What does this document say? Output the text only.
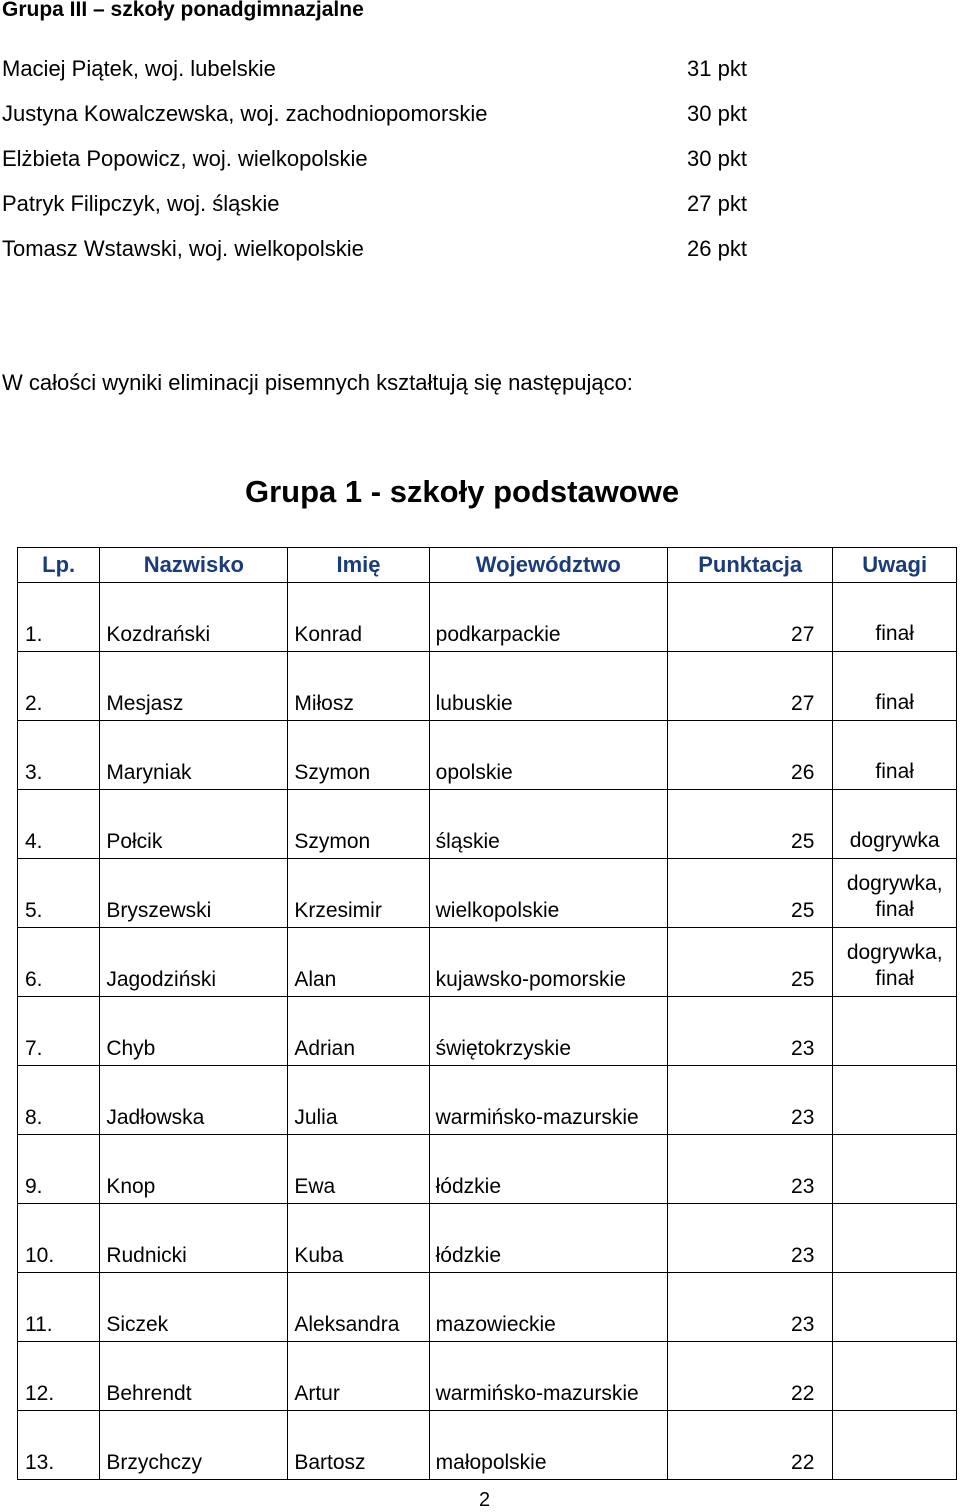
Grupa III – szkoły ponadgimnazjalne
Maciej Piątek, woj. lubelskie	31 pkt
Justyna Kowalczewska, woj. zachodniopomorskie	30 pkt
Elżbieta Popowicz, woj. wielkopolskie	30 pkt
Patryk Filipczyk, woj. śląskie	27 pkt
Tomasz Wstawski, woj. wielkopolskie	26 pkt
W całości wyniki eliminacji pisemnych kształtują się następująco:
Grupa 1 - szkoły podstawowe
Lp.	Nazwisko	Imię	Województwo	Punktacja	Uwagi
1.	Kozdrański	Konrad	podkarpackie	27	finał
2.	Mesjasz	Miłosz	lubuskie	27	finał
3.	Maryniak	Szymon	opolskie	26	finał
4.	Połcik	Szymon	śląskie	25	dogrywka
5.	Bryszewski	Krzesimir	wielkopolskie	25	dogrywka, finał
6.	Jagodziński	Alan	kujawsko-pomorskie	25	dogrywka, finał
7.	Chyb	Adrian	świętokrzyskie	23	
8.	Jadłowska	Julia	warmińsko-mazurskie	23	
9.	Knop	Ewa	łódzkie	23	
10.	Rudnicki	Kuba	łódzkie	23	
11.	Siczek	Aleksandra	mazowieckie	23	
12.	Behrendt	Artur	warmińsko-mazurskie	22	
13.	Brzychczy	Bartosz	małopolskie	22	
2
